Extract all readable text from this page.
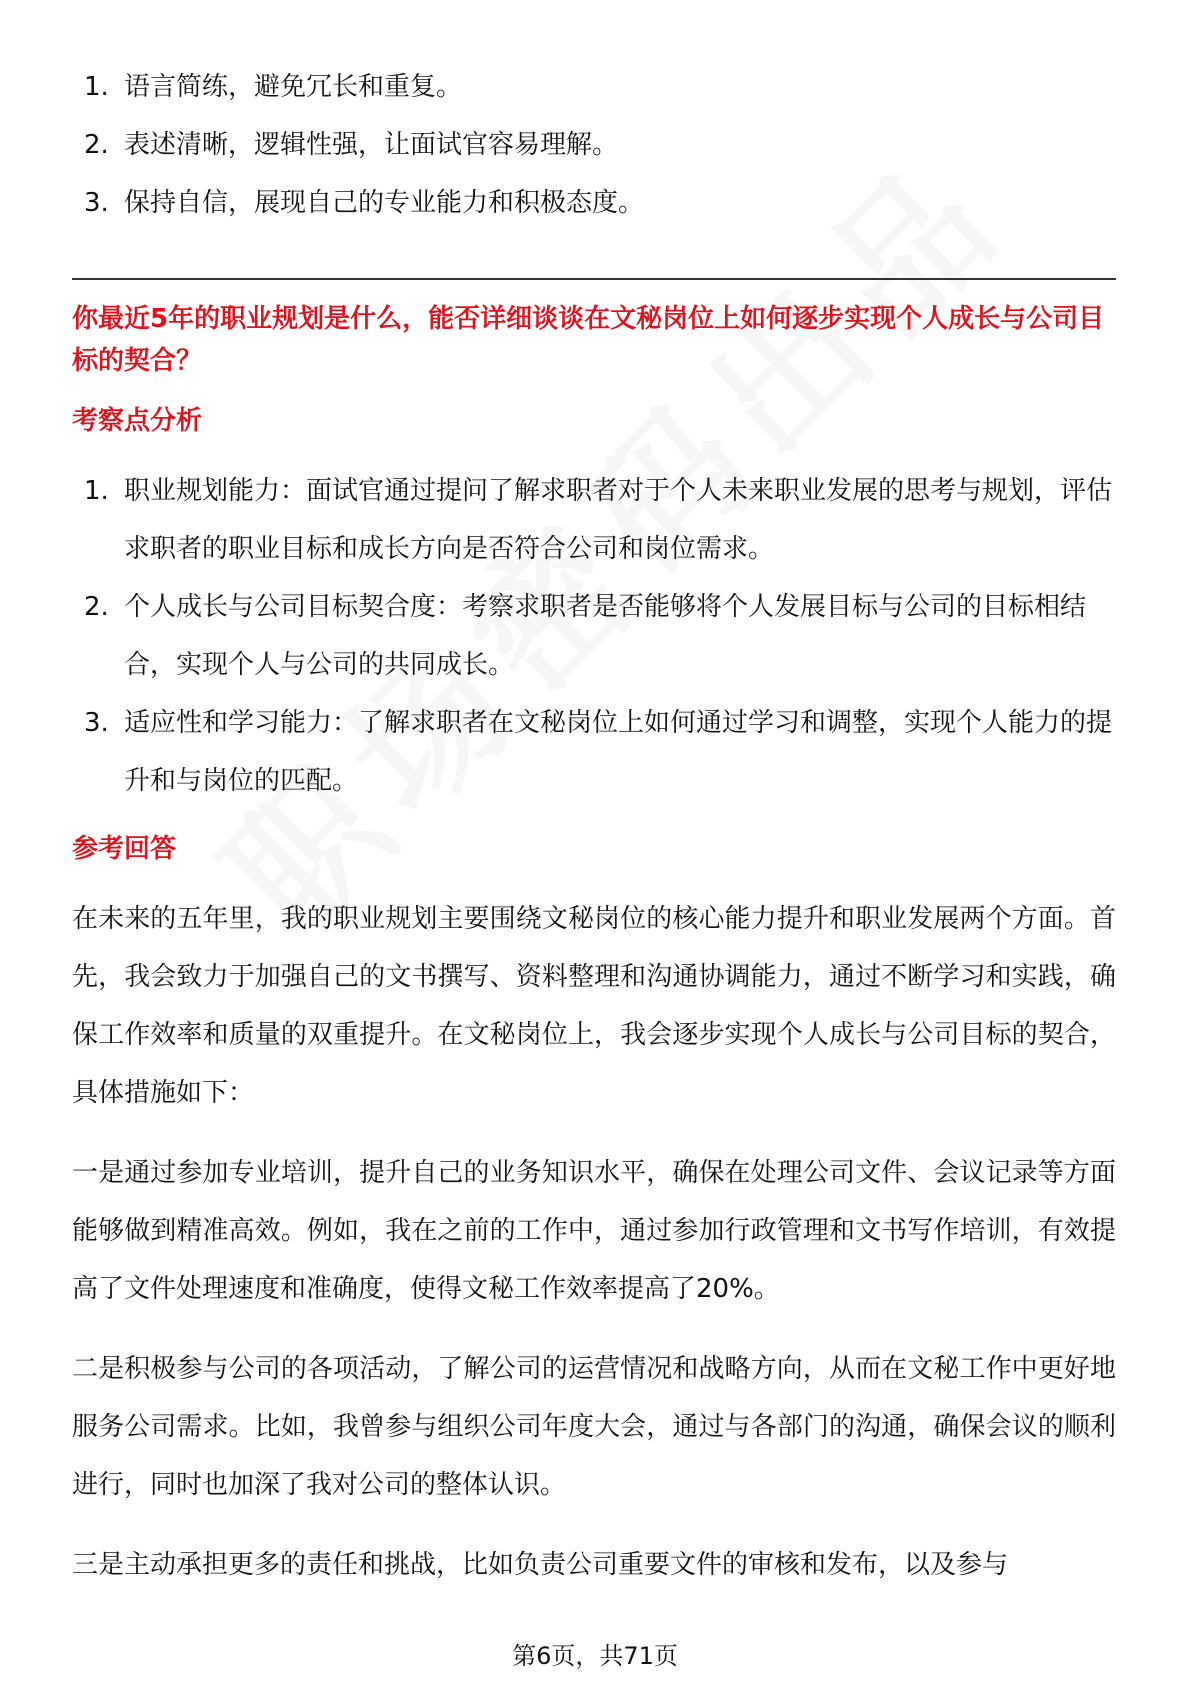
1. 语言简练，避免冗长和重复。
2. 表述清晰，逻辑性强，让面试官容易理解。
3. 保持自信，展现自己的专业能力和积极态度。

你最近5年的职业规划是什么，能否详细谈谈在文秘岗位上如何逐步实现个人成长与公司目标的契合？

考察点分析
1. 职业规划能力：面试官通过提问了解求职者对于个人未来职业发展的思考与规划，评估求职者的职业目标和成长方向是否符合公司和岗位需求。
2. 个人成长与公司目标契合度：考察求职者是否能够将个人发展目标与公司的目标相结合，实现个人与公司的共同成长。
3. 适应性和学习能力：了解求职者在文秘岗位上如何通过学习和调整，实现个人能力的提升和与岗位的匹配。
参考回答

在未来的五年里，我的职业规划主要围绕文秘岗位的核心能力提升和职业发展两个方面。首先，我会致力于加强自己的文书撰写、资料整理和沟通协调能力，通过不断学习和实践，确保工作效率和质量的双重提升。在文秘岗位上，我会逐步实现个人成长与公司目标的契合，具体措施如下：

一是通过参加专业培训，提升自己的业务知识水平，确保在处理公司文件、会议记录等方面能够做到精准高效。例如，我在之前的工作中，通过参加行政管理和文书写作培训，有效提高了文件处理速度和准确度，使得文秘工作效率提高了20%。

二是积极参与公司的各项活动，了解公司的运营情况和战略方向，从而在文秘工作中更好地服务公司需求。比如，我曾参与组织公司年度大会，通过与各部门的沟通，确保会议的顺利进行，同时也加深了我对公司的整体认识。

三是主动承担更多的责任和挑战，比如负责公司重要文件的审核和发布，以及参与

第6页，共71页
